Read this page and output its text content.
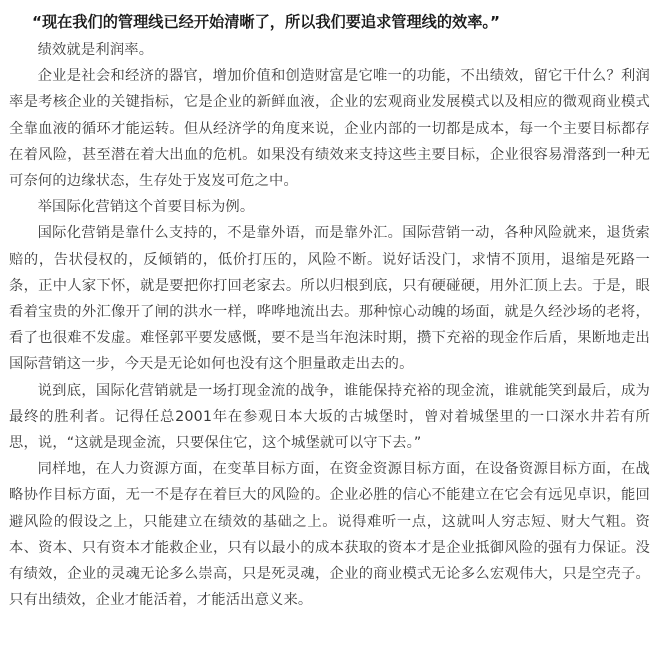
“现在我们的管理线已经开始清晰了，所以我们要追求管理线的效率。”

绩效就是利润率。

企业是社会和经济的器官，增加价值和创造财富是它唯一的功能，不出绩效，留它干什么？利润率是考核企业的关键指标，它是企业的新鲜血液，企业的宏观商业发展模式以及相应的微观商业模式全靠血液的循环才能运转。但从经济学的角度来说，企业内部的一切都是成本，每一个主要目标都存在着风险，甚至潜在着大出血的危机。如果没有绩效来支持这些主要目标，企业很容易滑落到一种无可奈何的边缘状态，生存处于岌岌可危之中。

举国际化营销这个首要目标为例。

国际化营销是靠什么支持的，不是靠外语，而是靠外汇。国际营销一动，各种风险就来，退货索赔的，告状侵权的，反倾销的，低价打压的，风险不断。说好话没门，求情不顶用，退缩是死路一条，正中人家下怀，就是要把你打回老家去。所以归根到底，只有硬碰硬，用外汇顶上去。于是，眼看着宝贵的外汇像开了闸的洪水一样，哗哗地流出去。那种惊心动魄的场面，就是久经沙场的老将，看了也很难不发虚。难怪郭平要发感慨，要不是当年泡沫时期，攒下充裕的现金作后盾，果断地走出国际营销这一步，今天是无论如何也没有这个胆量敢走出去的。

说到底，国际化营销就是一场打现金流的战争，谁能保持充裕的现金流，谁就能笑到最后，成为最终的胜利者。记得任总2001年在参观日本大坂的古城堡时，曾对着城堡里的一口深水井若有所思，说，“这就是现金流，只要保住它，这个城堡就可以守下去。”

同样地，在人力资源方面，在变革目标方面，在资金资源目标方面，在设备资源目标方面，在战略协作目标方面，无一不是存在着巨大的风险的。企业必胜的信心不能建立在它会有远见卓识，能回避风险的假设之上，只能建立在绩效的基础之上。说得难听一点，这就叫人穷志短、财大气粗。资本、资本、只有资本才能救企业，只有以最小的成本获取的资本才是企业抵御风险的强有力保证。没有绩效，企业的灵魂无论多么崇高，只是死灵魂，企业的商业模式无论多么宏观伟大，只是空壳子。只有出绩效，企业才能活着，才能活出意义来。
